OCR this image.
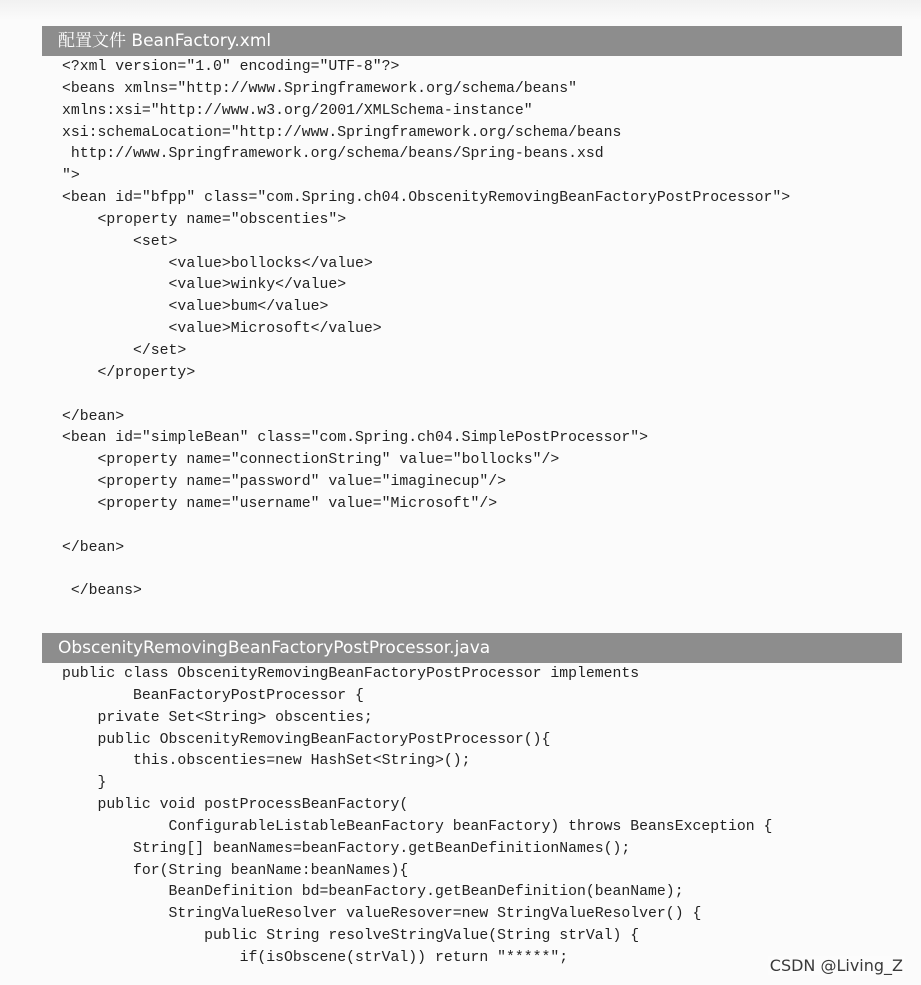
配置文件 BeanFactory.xml
<?xml version="1.0" encoding="UTF-8"?>
<beans xmlns="http://www.Springframework.org/schema/beans"
xmlns:xsi="http://www.w3.org/2001/XMLSchema-instance"
xsi:schemaLocation="http://www.Springframework.org/schema/beans
http://www.Springframework.org/schema/beans/Spring-beans.xsd
">
<bean id="bfpp" class="com.Spring.ch04.ObscenityRemovingBeanFactoryPostProcessor">
<property name="obscenties">
<set>
<value>bollocks</value>
<value>winky</value>
<value>bum</value>
<value>Microsoft</value>
</set>
</property>
</bean>
<bean id="simpleBean" class="com.Spring.ch04.SimplePostProcessor">
<property name="connectionString" value="bollocks"/>
<property name="password" value="imaginecup"/>
<property name="username" value="Microsoft"/>
</bean>
</beans>
ObscenityRemovingBeanFactoryPostProcessor.java
public class ObscenityRemovingBeanFactoryPostProcessor implements
BeanFactoryPostProcessor {
private Set<String> obscenties;
public ObscenityRemovingBeanFactoryPostProcessor(){
this.obscenties=new HashSet<String>();
}
public void postProcessBeanFactory(
ConfigurableListableBeanFactory beanFactory) throws BeansException {
String[] beanNames=beanFactory.getBeanDefinitionNames();
for(String beanName:beanNames){
BeanDefinition bd=beanFactory.getBeanDefinition(beanName);
StringValueResolver valueResover=new StringValueResolver() {
public String resolveStringValue(String strVal) {
if(isObscene(strVal)) return "*****";	CSDN @Living_Z
